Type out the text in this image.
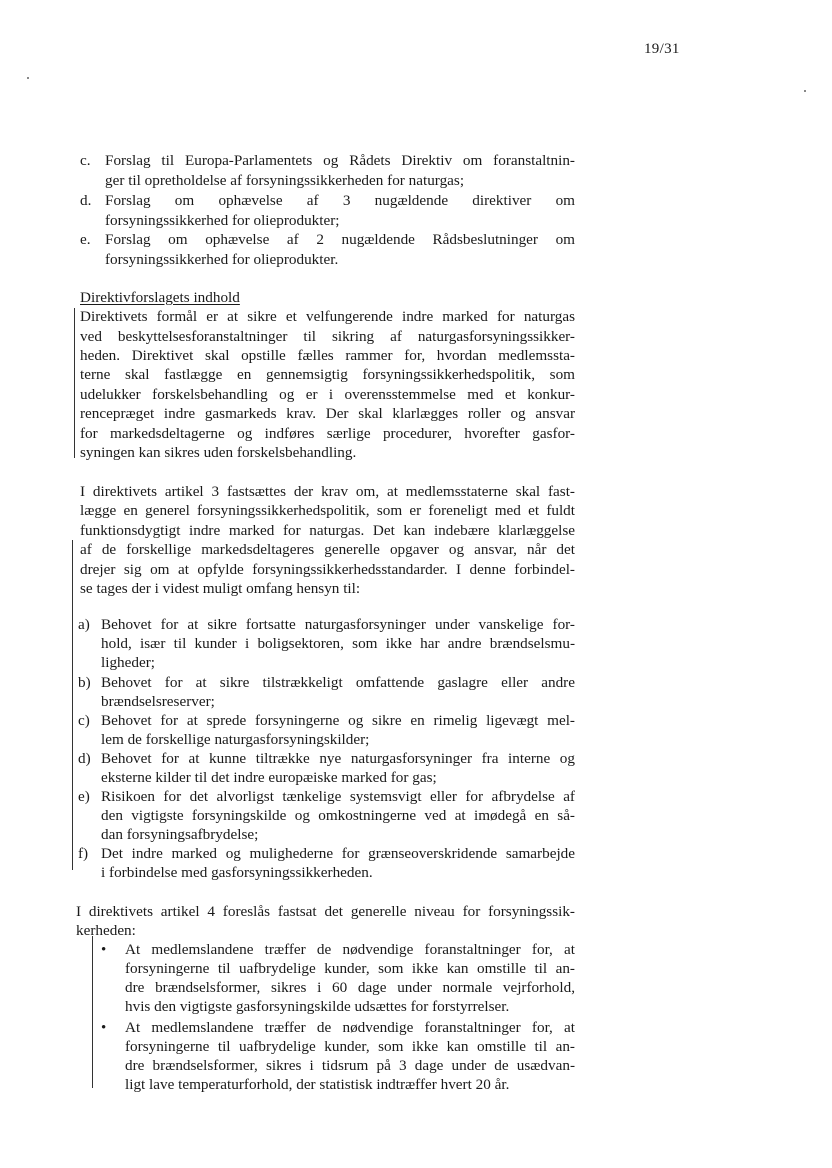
19/31
c. Forslag til Europa-Parlamentets og Rådets Direktiv om foranstaltnin-
ger til opretholdelse af forsyningssikkerheden for naturgas;
d. Forslag om ophævelse af 3 nugældende direktiver om
forsyningssikkerhed for olieprodukter;
e. Forslag om ophævelse af 2 nugældende Rådsbeslutninger om
forsyningssikkerhed for olieprodukter.
Direktivforslagets indhold
Direktivets formål er at sikre et velfungerende indre marked for naturgas
ved beskyttelsesforanstaltninger til sikring af naturgasforsyningssikker-
heden. Direktivet skal opstille fælles rammer for, hvordan medlemssta-
terne skal fastlægge en gennemsigtig forsyningssikkerhedspolitik, som
udelukker forskelsbehandling og er i overensstemmelse med et konkur-
rencepræget indre gasmarkeds krav. Der skal klarlægges roller og ansvar
for markedsdeltagerne og indføres særlige procedurer, hvorefter gasfor-
syningen kan sikres uden forskelsbehandling.
I direktivets artikel 3 fastsættes der krav om, at medlemsstaterne skal fast-
lægge en generel forsyningssikkerhedspolitik, som er foreneligt med et fuldt
funktionsdygtigt indre marked for naturgas. Det kan indebære klarlæggelse
af de forskellige markedsdeltageres generelle opgaver og ansvar, når det
drejer sig om at opfylde forsyningssikkerhedsstandarder. I denne forbindel-
se tages der i videst muligt omfang hensyn til:
a) Behovet for at sikre fortsatte naturgasforsyninger under vanskelige for-
hold, især til kunder i boligsektoren, som ikke har andre brændselsmu-
ligheder;
b) Behovet for at sikre tilstrækkeligt omfattende gaslagre eller andre
brændselsreserver;
c) Behovet for at sprede forsyningerne og sikre en rimelig ligevægt mel-
lem de forskellige naturgasforsyningskilder;
d) Behovet for at kunne tiltrække nye naturgasforsyninger fra interne og
eksterne kilder til det indre europæiske marked for gas;
e) Risikoen for det alvorligst tænkelige systemsvigt eller for afbrydelse af
den vigtigste forsyningskilde og omkostningerne ved at imødegå en så-
dan forsyningsafbrydelse;
f) Det indre marked og mulighederne for grænseoverskridende samarbejde
i forbindelse med gasforsyningssikkerheden.
I direktivets artikel 4 foreslås fastsat det generelle niveau for forsyningssik-
kerheden:
• At medlemslandene træffer de nødvendige foranstaltninger for, at
forsyningerne til uafbrydelige kunder, som ikke kan omstille til an-
dre brændselsformer, sikres i 60 dage under normale vejrforhold,
hvis den vigtigste gasforsyningskilde udsættes for forstyrrelser.
• At medlemslandene træffer de nødvendige foranstaltninger for, at
forsyningerne til uafbrydelige kunder, som ikke kan omstille til an-
dre brændselsformer, sikres i tidsrum på 3 dage under de usædvan-
ligt lave temperaturforhold, der statistisk indtræffer hvert 20 år.
